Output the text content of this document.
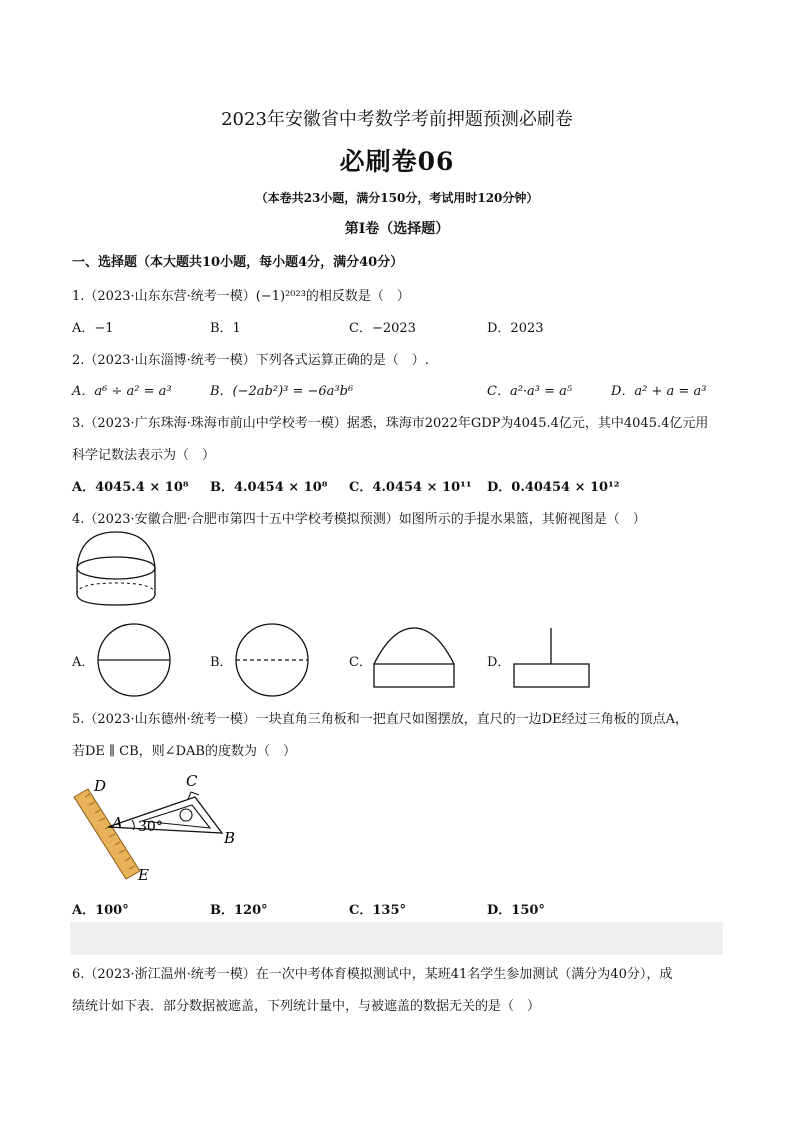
2023年安徽省中考数学考前押题预测必刷卷
必刷卷06
（本卷共23小题，满分150分，考试用时120分钟）
第I卷（选择题）
一、选择题（本大题共10小题，每小题4分，满分40分）
1.（2023·山东东营·统考一模）(−1)²⁰²³的相反数是（　）
A．−1	B．1	C．−2023	D．2023
2.（2023·山东淄博·统考一模）下列各式运算正确的是（　）.
A．a⁶ ÷ a² = a³	B．(−2ab²)³ = −6a³b⁶	C．a²·a³ = a⁵	D．a² + a = a³
3.（2023·广东珠海·珠海市前山中学校考一模）据悉，珠海市2022年GDP为4045.4亿元，其中4045.4亿元用
科学记数法表示为（　）
A．4045.4 × 10⁸ B．4.0454 × 10⁸ C．4.0454 × 10¹¹ D．0.40454 × 10¹²
4.（2023·安徽合肥·合肥市第四十五中学校考模拟预测）如图所示的手提水果篮，其俯视图是（　）
A．	B．	C．	D．
5.（2023·山东德州·统考一模）一块直角三角板和一把直尺如图摆放，直尺的一边DE经过三角板的顶点A，
若DE ∥ CB，则∠DAB的度数为（　）
D	C
A 30°
B
E
A．100°	B．120°	C．135°	D．150°
6.（2023·浙江温州·统考一模）在一次中考体育模拟测试中，某班41名学生参加测试（满分为40分），成
绩统计如下表．部分数据被遮盖，下列统计量中，与被遮盖的数据无关的是（　）
